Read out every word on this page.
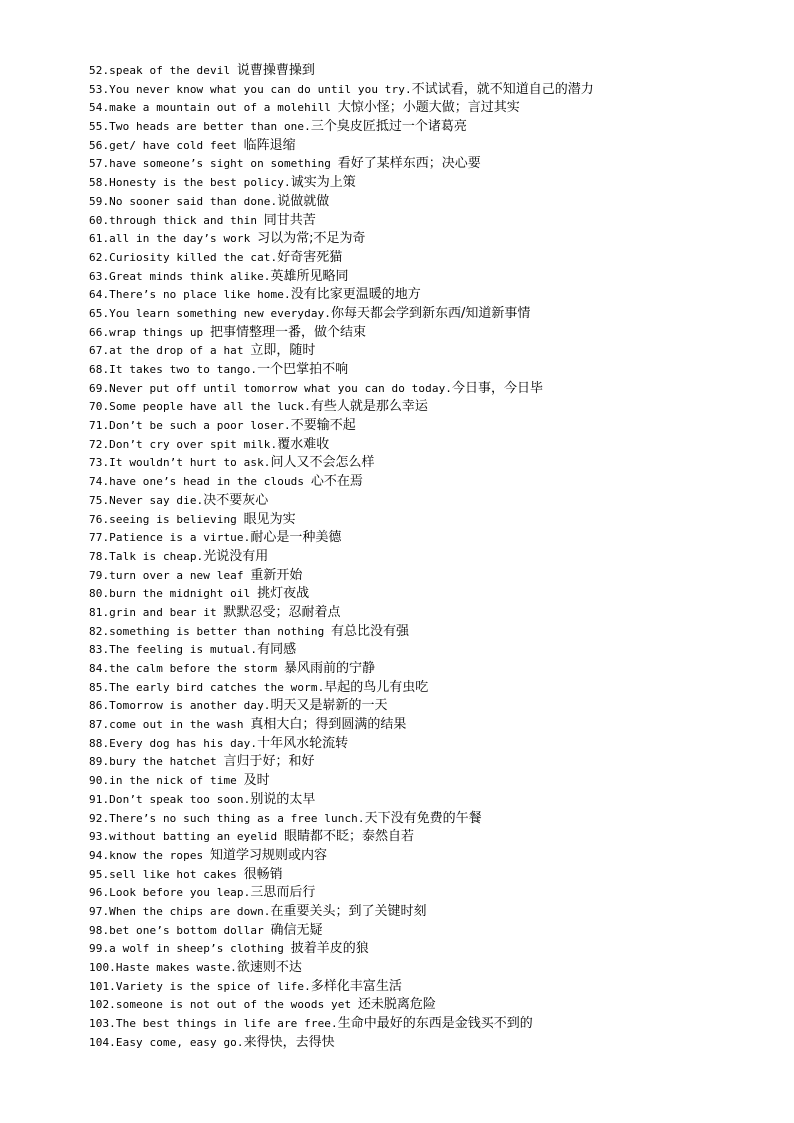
52.speak of the devil 说曹操曹操到
53.You never know what you can do until you try.不试试看，就不知道自己的潜力
54.make a mountain out of a molehill 大惊小怪；小题大做；言过其实
55.Two heads are better than one.三个臭皮匠抵过一个诸葛亮
56.get/ have cold feet 临阵退缩
57.have someone’s sight on something 看好了某样东西；决心要
58.Honesty is the best policy.诚实为上策
59.No sooner said than done.说做就做
60.through thick and thin 同甘共苦
61.all in the day’s work 习以为常;不足为奇
62.Curiosity killed the cat.好奇害死猫
63.Great minds think alike.英雄所见略同
64.There’s no place like home.没有比家更温暖的地方
65.You learn something new everyday.你每天都会学到新东西/知道新事情
66.wrap things up 把事情整理一番，做个结束
67.at the drop of a hat 立即，随时
68.It takes two to tango.一个巴掌拍不响
69.Never put off until tomorrow what you can do today.今日事，今日毕
70.Some people have all the luck.有些人就是那么幸运
71.Don’t be such a poor loser.不要输不起
72.Don’t cry over spit milk.覆水难收
73.It wouldn’t hurt to ask.问人又不会怎么样
74.have one’s head in the clouds 心不在焉
75.Never say die.决不要灰心
76.seeing is believing 眼见为实
77.Patience is a virtue.耐心是一种美德
78.Talk is cheap.光说没有用
79.turn over a new leaf 重新开始
80.burn the midnight oil 挑灯夜战
81.grin and bear it 默默忍受；忍耐着点
82.something is better than nothing 有总比没有强
83.The feeling is mutual.有同感
84.the calm before the storm 暴风雨前的宁静
85.The early bird catches the worm.早起的鸟儿有虫吃
86.Tomorrow is another day.明天又是崭新的一天
87.come out in the wash 真相大白；得到圆满的结果
88.Every dog has his day.十年风水轮流转
89.bury the hatchet 言归于好；和好
90.in the nick of time 及时
91.Don’t speak too soon.别说的太早
92.There’s no such thing as a free lunch.天下没有免费的午餐
93.without batting an eyelid 眼睛都不眨；泰然自若
94.know the ropes 知道学习规则或内容
95.sell like hot cakes 很畅销
96.Look before you leap.三思而后行
97.When the chips are down.在重要关头；到了关键时刻
98.bet one’s bottom dollar 确信无疑
99.a wolf in sheep’s clothing 披着羊皮的狼
100.Haste makes waste.欲速则不达
101.Variety is the spice of life.多样化丰富生活
102.someone is not out of the woods yet 还未脱离危险
103.The best things in life are free.生命中最好的东西是金钱买不到的
104.Easy come, easy go.来得快，去得快
